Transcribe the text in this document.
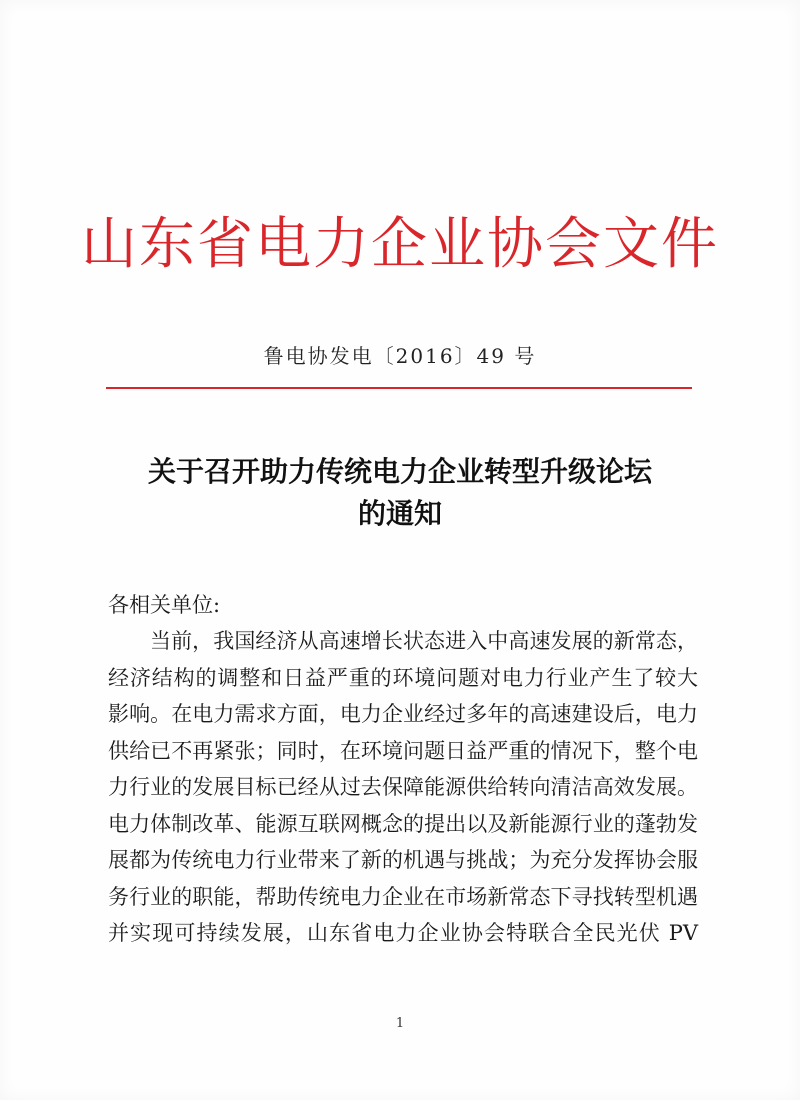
山东省电力企业协会文件
鲁电协发电〔2016〕49 号
关于召开助力传统电力企业转型升级论坛
的通知
各相关单位:
当前，我国经济从高速增长状态进入中高速发展的新常态，
经济结构的调整和日益严重的环境问题对电力行业产生了较大
影响。在电力需求方面，电力企业经过多年的高速建设后，电力
供给已不再紧张；同时，在环境问题日益严重的情况下，整个电
力行业的发展目标已经从过去保障能源供给转向清洁高效发展。
电力体制改革、能源互联网概念的提出以及新能源行业的蓬勃发
展都为传统电力行业带来了新的机遇与挑战；为充分发挥协会服
务行业的职能，帮助传统电力企业在市场新常态下寻找转型机遇
并实现可持续发展，山东省电力企业协会特联合全民光伏 PV
1
